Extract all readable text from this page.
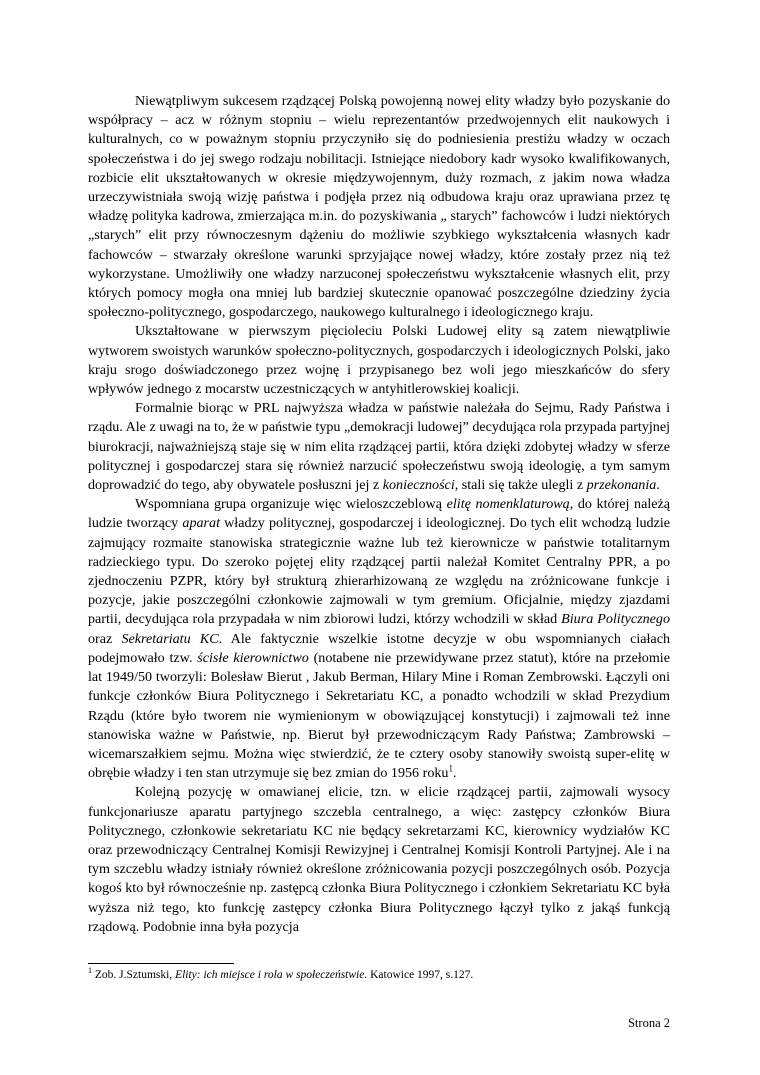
Niewątpliwym sukcesem rządzącej Polską powojenną nowej elity władzy było pozyskanie do współpracy – acz w różnym stopniu – wielu reprezentantów przedwojennych elit naukowych i kulturalnych, co w poważnym stopniu przyczyniło się do podniesienia prestiżu władzy w oczach społeczeństwa i do jej swego rodzaju nobilitacji. Istniejące niedobory kadr wysoko kwalifikowanych, rozbicie elit ukształtowanych w okresie międzywojennym, duży rozmach, z jakim nowa władza urzeczywistniała swoją wizję państwa i podjęła przez nią odbudowa kraju oraz uprawiana przez tę władzę polityka kadrowa, zmierzająca m.in. do pozyskiwania „ starych” fachowców i ludzi niektórych „starych” elit przy równoczesnym dążeniu do możliwie szybkiego wykształcenia własnych kadr fachowców – stwarzały określone warunki sprzyjające nowej władzy, które zostały przez nią też wykorzystane. Umożliwiły one władzy narzuconej społeczeństwu wykształcenie własnych elit, przy których pomocy mogła ona mniej lub bardziej skutecznie opanować poszczególne dziedziny życia społeczno-politycznego, gospodarczego, naukowego kulturalnego i ideologicznego kraju.

Ukształtowane w pierwszym pięcioleciu Polski Ludowej elity są zatem niewątpliwie wytworem swoistych warunków społeczno-politycznych, gospodarczych i ideologicznych Polski, jako kraju srogo doświadczonego przez wojnę i przypisanego bez woli jego mieszkańców do sfery wpływów jednego z mocarstw uczestniczących w antyhitlerowskiej koalicji.

Formalnie biorąc w PRL najwyższa władza w państwie należała do Sejmu, Rady Państwa i rządu. Ale z uwagi na to, że w państwie typu „demokracji ludowej” decydująca rola przypada partyjnej biurokracji, najważniejszą staje się w nim elita rządzącej partii, która dzięki zdobytej władzy w sferze politycznej i gospodarczej stara się również narzucić społeczeństwu swoją ideologię, a tym samym doprowadzić do tego, aby obywatele posłuszni jej z konieczności, stali się także ulegli z przekonania.

Wspomniana grupa organizuje więc wieloszczeblową elitę nomenklaturową, do której należą ludzie tworzący aparat władzy politycznej, gospodarczej i ideologicznej. Do tych elit wchodzą ludzie zajmujący rozmaite stanowiska strategicznie ważne lub też kierownicze w państwie totalitarnym radzieckiego typu. Do szeroko pojętej elity rządzącej partii należał Komitet Centralny PPR, a po zjednoczeniu PZPR, który był strukturą zhierarhizowaną ze względu na zróżnicowane funkcje i pozycje, jakie poszczególni członkowie zajmowali w tym gremium. Oficjalnie, między zjazdami partii, decydująca rola przypadała w nim zbiorowi ludzi, którzy wchodzili w skład Biura Politycznego oraz Sekretariatu KC. Ale faktycznie wszelkie istotne decyzje w obu wspomnianych ciałach podejmowało tzw. ścisłe kierownictwo (notabene nie przewidywane przez statut), które na przełomie lat 1949/50 tworzyli: Bolesław Bierut , Jakub Berman, Hilary Mine i Roman Zembrowski. Łączyli oni funkcje członków Biura Politycznego i Sekretariatu KC, a ponadto wchodzili w skład Prezydium Rządu (które było tworem nie wymienionym w obowiązującej konstytucji) i zajmowali też inne stanowiska ważne w Państwie, np. Bierut był przewodniczącym Rady Państwa; Zambrowski – wicemarszałkiem sejmu. Można więc stwierdzić, że te cztery osoby stanowiły swoistą super-elitę w obrębie władzy i ten stan utrzymuje się bez zmian do 1956 roku$^1$.

Kolejną pozycję w omawianej elicie, tzn. w elicie rządzącej partii, zajmowali wysocy funkcjonariusze aparatu partyjnego szczebla centralnego, a więc: zastępcy członków Biura Politycznego, członkowie sekretariatu KC nie będący sekretarzami KC, kierownicy wydziałów KC oraz przewodniczący Centralnej Komisji Rewizyjnej i Centralnej Komisji Kontroli Partyjnej. Ale i na tym szczeblu władzy istniały również określone zróżnicowania pozycji poszczególnych osób. Pozycja kogoś kto był równocześnie np. zastępcą członka Biura Politycznego i członkiem Sekretariatu KC była wyższa niż tego, kto funkcję zastępcy członka Biura Politycznego łączył tylko z jakąś funkcją rządową. Podobnie inna była pozycja

$^1$ Zob. J.Sztumski, Elity: ich miejsce i rola w społeczeństwie. Katowice 1997, s.127.
Strona 2
